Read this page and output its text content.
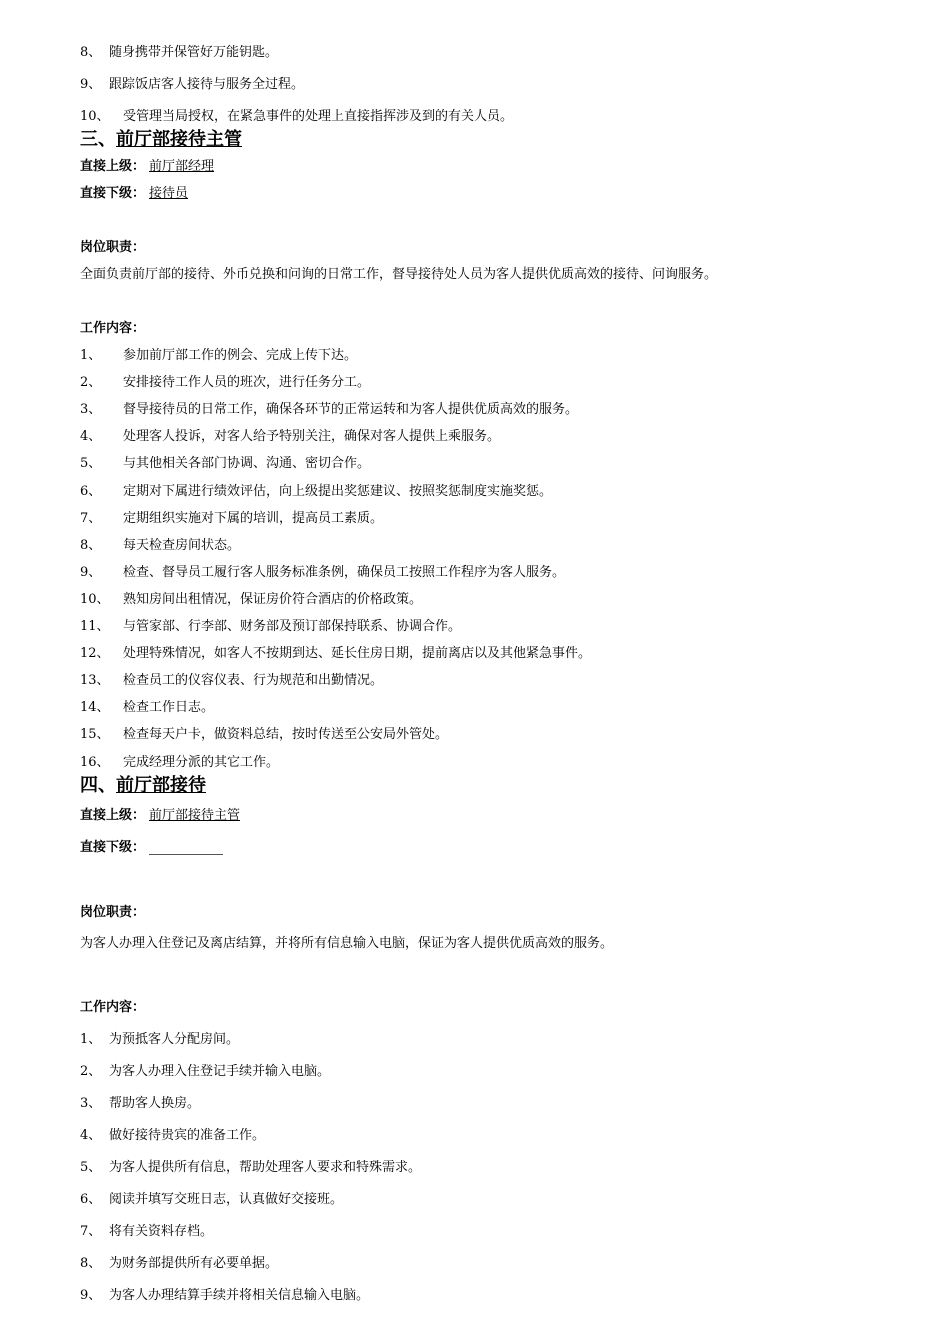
8、 随身携带并保管好万能钥匙。
9、 跟踪饭店客人接待与服务全过程。
10、	受管理当局授权，在紧急事件的处理上直接指挥涉及到的有关人员。
三、前厅部接待主管
直接上级： 前厅部经理
直接下级： 接待员
岗位职责：
全面负责前厅部的接待、外币兑换和问询的日常工作，督导接待处人员为客人提供优质高效的接待、问询服务。
工作内容：
1、	参加前厅部工作的例会、完成上传下达。
2、	安排接待工作人员的班次，进行任务分工。
3、	督导接待员的日常工作，确保各环节的正常运转和为客人提供优质高效的服务。
4、	处理客人投诉，对客人给予特别关注，确保对客人提供上乘服务。
5、	与其他相关各部门协调、沟通、密切合作。
6、	定期对下属进行绩效评估，向上级提出奖惩建议、按照奖惩制度实施奖惩。
7、	定期组织实施对下属的培训，提高员工素质。
8、	每天检查房间状态。
9、	检查、督导员工履行客人服务标准条例，确保员工按照工作程序为客人服务。
10、	熟知房间出租情况，保证房价符合酒店的价格政策。
11、	与管家部、行李部、财务部及预订部保持联系、协调合作。
12、	处理特殊情况，如客人不按期到达、延长住房日期，提前离店以及其他紧急事件。
13、	检查员工的仪容仪表、行为规范和出勤情况。
14、	检查工作日志。
15、	检查每天户卡，做资料总结，按时传送至公安局外管处。
16、	完成经理分派的其它工作。
四、前厅部接待
直接上级： 前厅部接待主管
直接下级：
岗位职责：
为客人办理入住登记及离店结算，并将所有信息输入电脑，保证为客人提供优质高效的服务。
工作内容：
1、 为预抵客人分配房间。
2、 为客人办理入住登记手续并输入电脑。
3、 帮助客人换房。
4、 做好接待贵宾的准备工作。
5、 为客人提供所有信息，帮助处理客人要求和特殊需求。
6、 阅读并填写交班日志，认真做好交接班。
7、 将有关资料存档。
8、 为财务部提供所有必要单据。
9、 为客人办理结算手续并将相关信息输入电脑。
